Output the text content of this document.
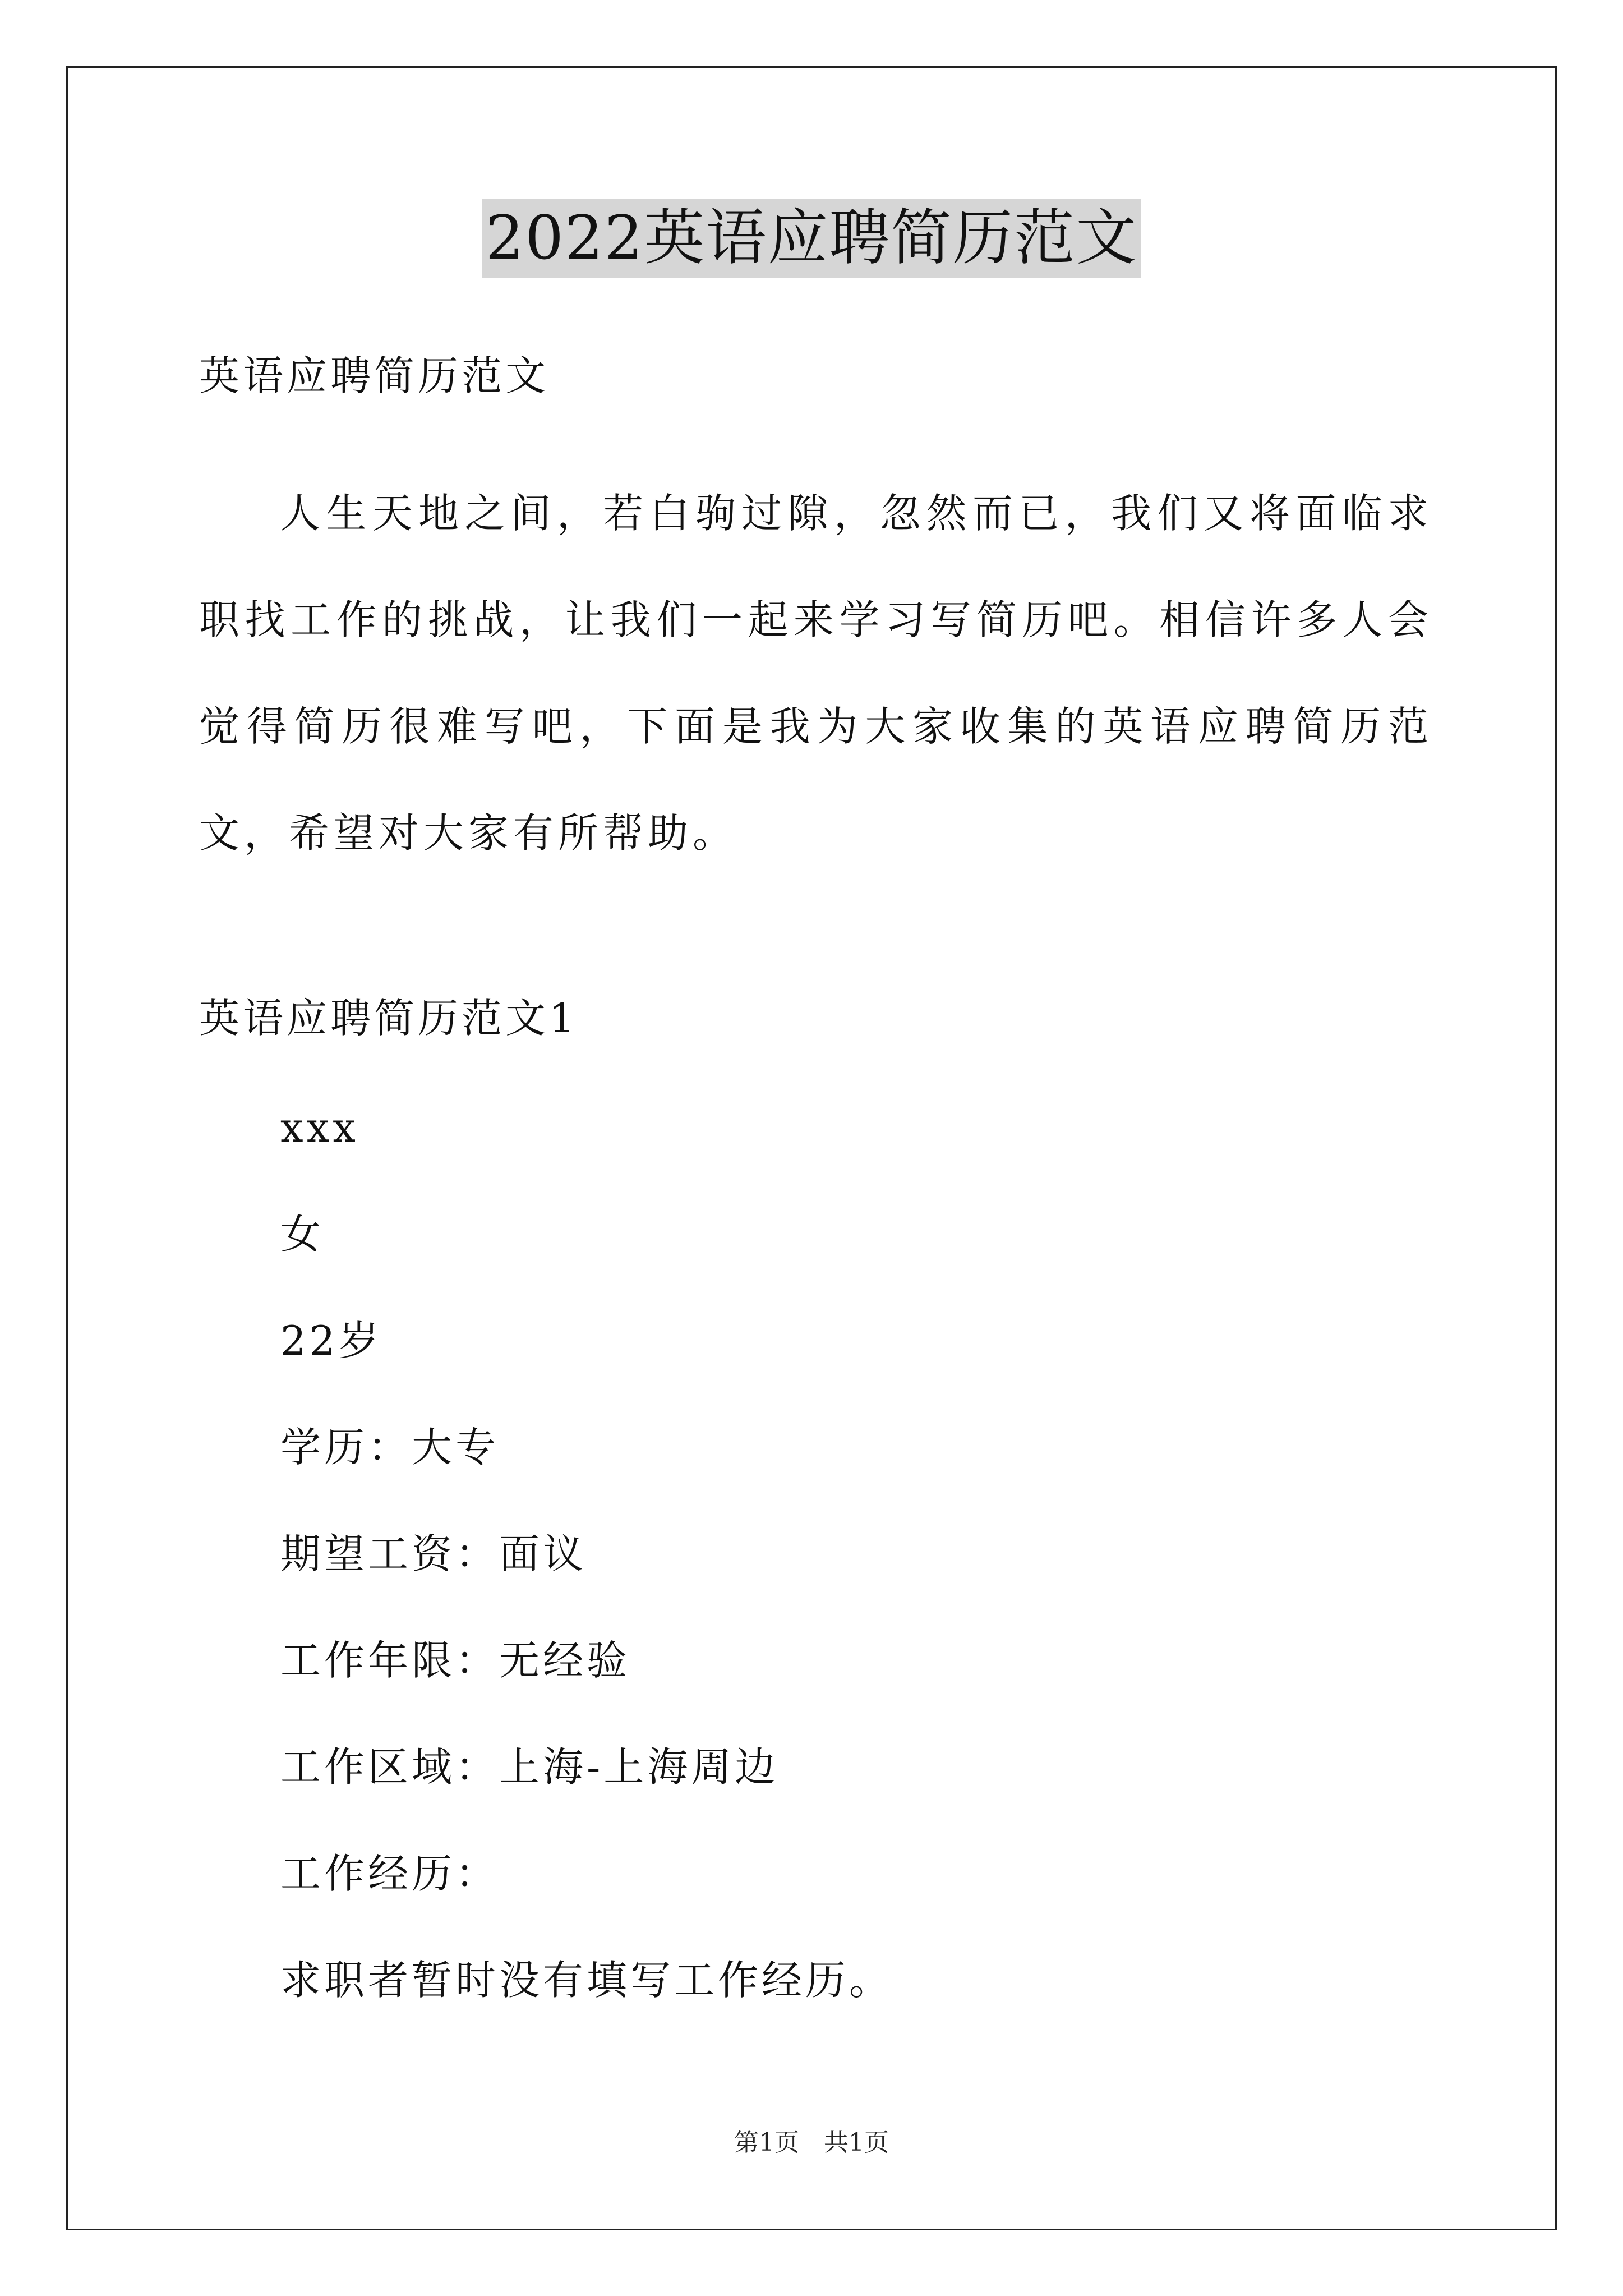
2022英语应聘简历范文
英语应聘简历范文
人生天地之间，若白驹过隙，忽然而已，我们又将面临求职找工作的挑战，让我们一起来学习写简历吧。相信许多人会觉得简历很难写吧，下面是我为大家收集的英语应聘简历范文，希望对大家有所帮助。
英语应聘简历范文1
xxx
女
22岁
学历：大专
期望工资：面议
工作年限：无经验
工作区域：上海-上海周边
工作经历：
求职者暂时没有填写工作经历。
第1页　共1页
